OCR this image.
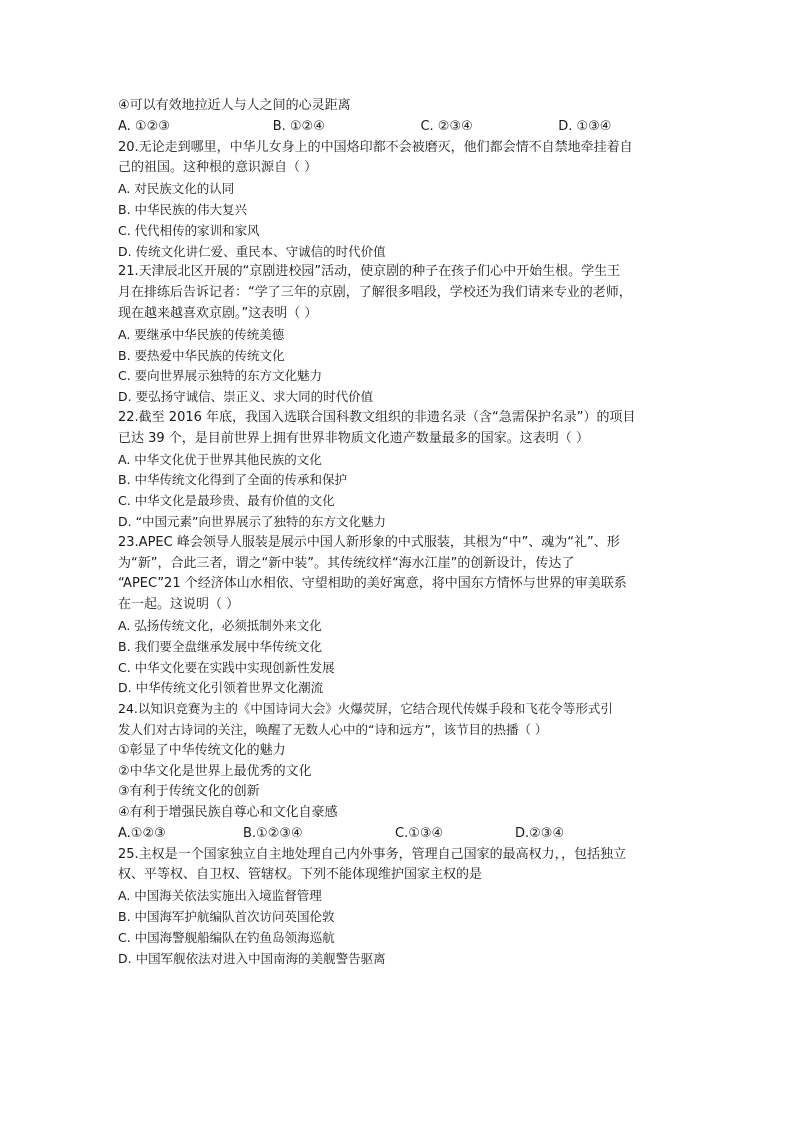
④可以有效地拉近人与人之间的心灵距离
A. ①②③	B. ①②④	C. ②③④	D. ①③④
20.无论走到哪里，中华儿女身上的中国烙印都不会被磨灭，他们都会情不自禁地牵挂着自
己的祖国。这种根的意识源自（ ）
A. 对民族文化的认同
B. 中华民族的伟大复兴
C. 代代相传的家训和家风
D. 传统文化讲仁爱、重民本、守诚信的时代价值
21.天津辰北区开展的“京剧进校园”活动，使京剧的种子在孩子们心中开始生根。学生王
月在排练后告诉记者：“学了三年的京剧，了解很多唱段，学校还为我们请来专业的老师，
现在越来越喜欢京剧。”这表明（ ）
A. 要继承中华民族的传统美德
B. 要热爱中华民族的传统文化
C. 要向世界展示独特的东方文化魅力
D. 要弘扬守诚信、崇正义、求大同的时代价值
22.截至 2016 年底，我国入选联合国科教文组织的非遗名录（含“急需保护名录”）的项目
已达 39 个，是目前世界上拥有世界非物质文化遗产数量最多的国家。这表明（ ）
A. 中华文化优于世界其他民族的文化
B. 中华传统文化得到了全面的传承和保护
C. 中华文化是最珍贵、最有价值的文化
D. “中国元素”向世界展示了独特的东方文化魅力
23.APEC 峰会领导人服装是展示中国人新形象的中式服装，其根为“中”、魂为“礼”、形
为“新”，合此三者，谓之“新中装”。其传统纹样“海水江崖”的创新设计，传达了
“APEC”21 个经济体山水相依、守望相助的美好寓意，将中国东方情怀与世界的审美联系
在一起。这说明（ ）
A. 弘扬传统文化，必须抵制外来文化
B. 我们要全盘继承发展中华传统文化
C. 中华文化要在实践中实现创新性发展
D. 中华传统文化引领着世界文化潮流
24.以知识竞赛为主的《中国诗词大会》火爆荧屏，它结合现代传媒手段和飞花令等形式引
发人们对古诗词的关注，唤醒了无数人心中的“诗和远方”，该节目的热播（ ）
①彰显了中华传统文化的魅力
②中华文化是世界上最优秀的文化
③有利于传统文化的创新
④有利于增强民族自尊心和文化自豪感
A.①②③	B.①②③④	C.①③④	D.②③④
25.主权是一个国家独立自主地处理自己内外事务，管理自己国家的最高权力，，包括独立
权、平等权、自卫权、管辖权。下列不能体现维护国家主权的是
A. 中国海关依法实施出入境监督管理
B. 中国海军护航编队首次访问英国伦敦
C. 中国海警舰船编队在钓鱼岛领海巡航
D. 中国军舰依法对进入中国南海的美舰警告驱离
